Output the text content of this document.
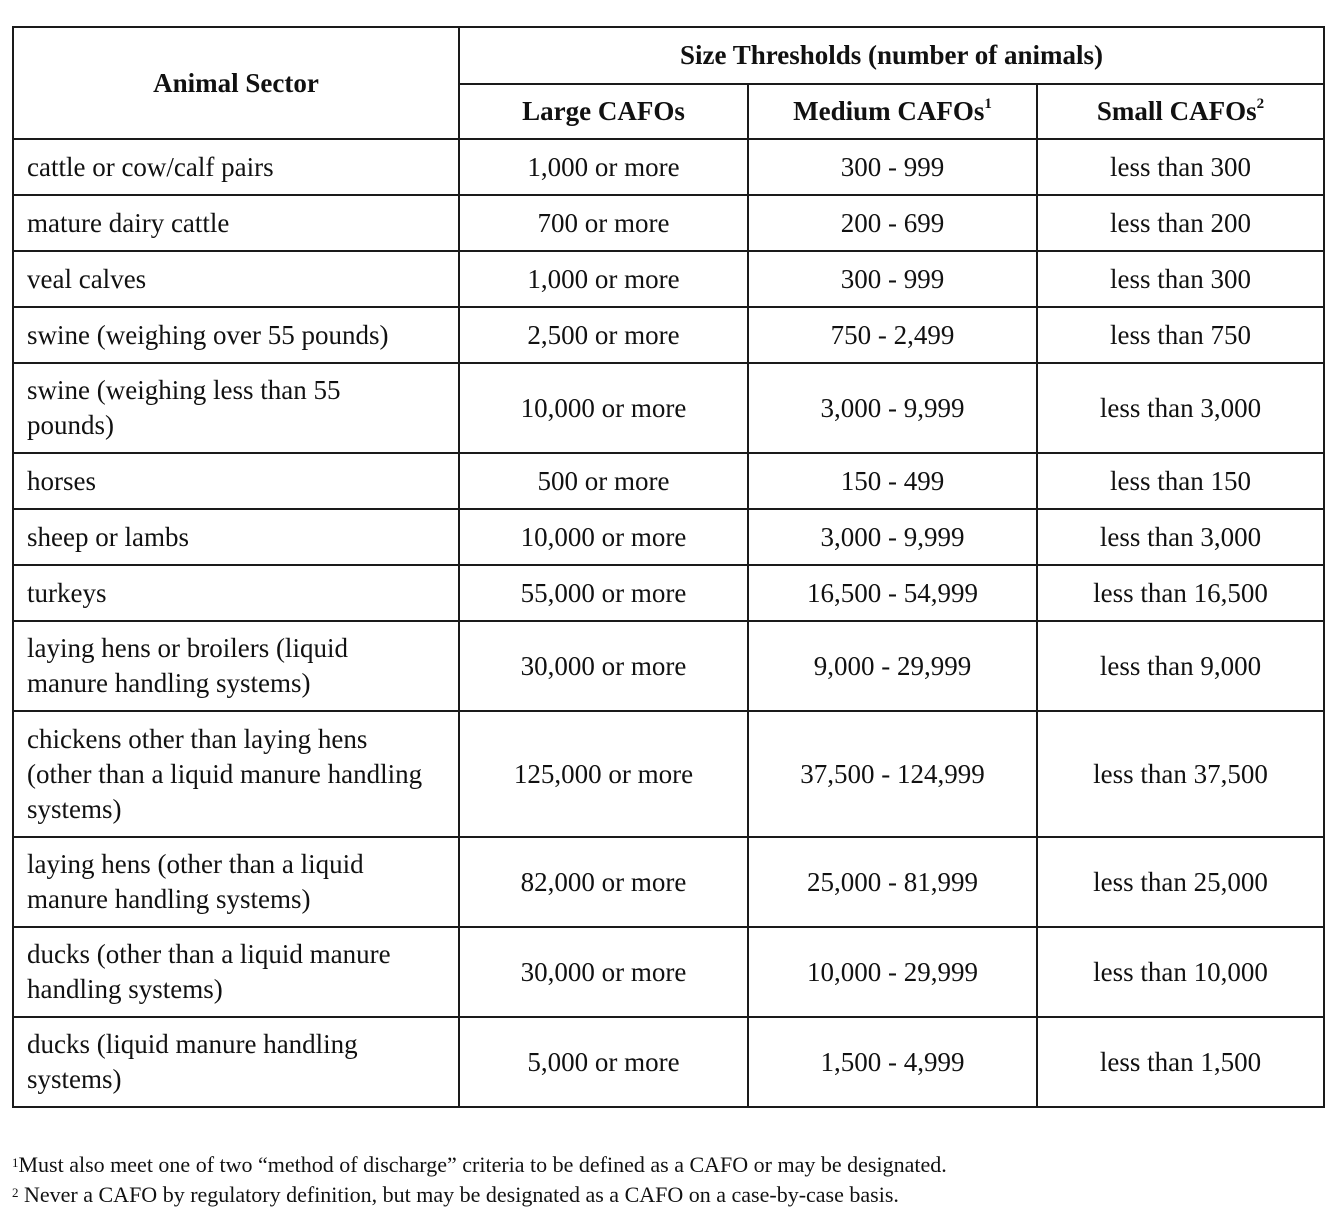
Animal Sector	Size Thresholds (number of animals)		
	Large CAFOs	Medium CAFOs$^1$	Small CAFOs$^2$

cattle or cow/calf pairs	1,000 or more	300 - 999	less than 300

mature dairy cattle	700 or more	200 - 699	less than 200

veal calves	1,000 or more	300 - 999	less than 300

swine (weighing over 55 pounds)	2,500 or more	750 - 2,499	less than 750

swine (weighing less than 55
pounds)	10,000 or more	3,000 - 9,999	less than 3,000

horses	500 or more	150 - 499	less than 150

sheep or lambs	10,000 or more	3,000 - 9,999	less than 3,000

turkeys	55,000 or more	16,500 - 54,999	less than 16,500

laying hens or broilers (liquid
manure handling systems)	30,000 or more	9,000 - 29,999	less than 9,000

chickens other than laying hens
(other than a liquid manure handling
systems)	125,000 or more	37,500 - 124,999	less than 37,500

laying hens (other than a liquid
manure handling systems)	82,000 or more	25,000 - 81,999	less than 25,000

ducks (other than a liquid manure
handling systems)	30,000 or more	10,000 - 29,999	less than 10,000

ducks (liquid manure handling
systems)	5,000 or more	1,500 - 4,999	less than 1,500
$^1$Must also meet one of two “method of discharge” criteria to be defined as a CAFO or may be designated.
$^2$ Never a CAFO by regulatory definition, but may be designated as a CAFO on a case-by-case basis.
